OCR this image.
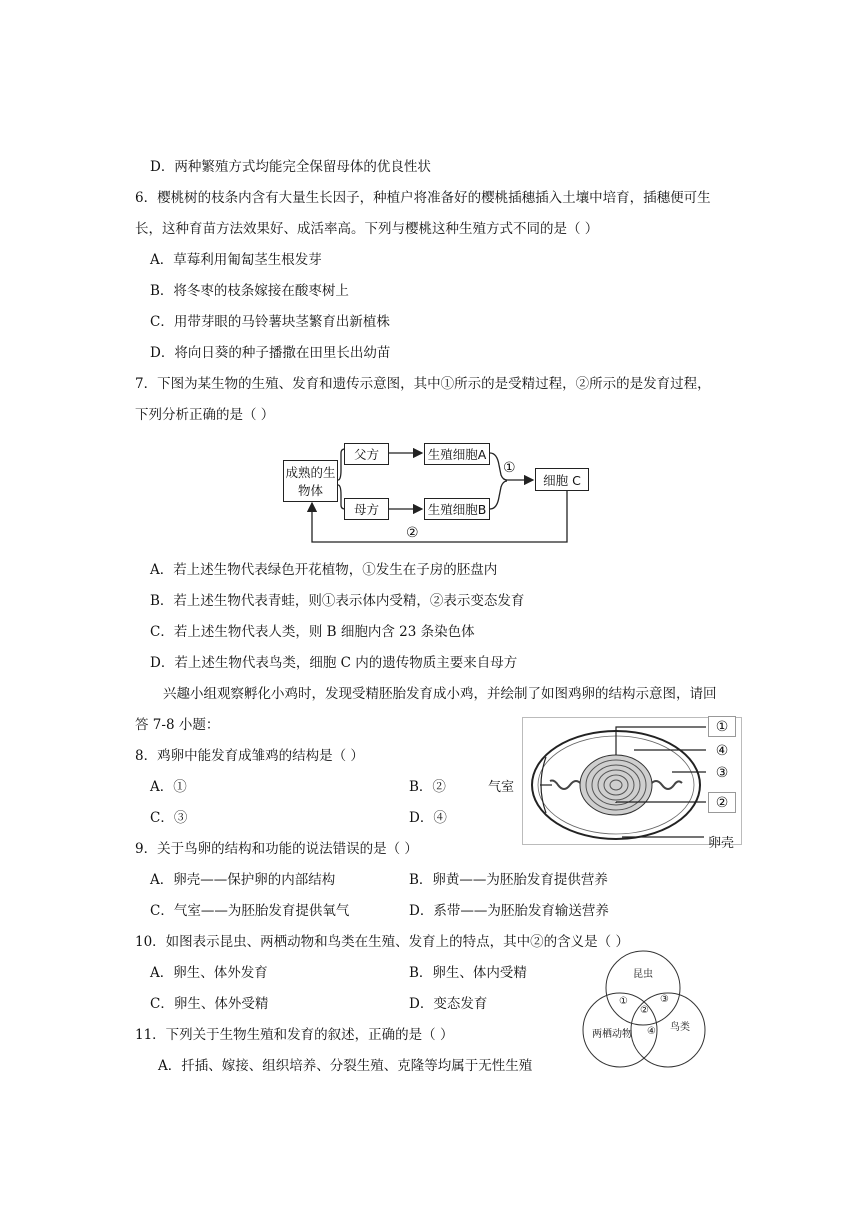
D．两种繁殖方式均能完全保留母体的优良性状
6．樱桃树的枝条内含有大量生长因子，种植户将准备好的樱桃插穗插入土壤中培育，插穗便可生
长，这种育苗方法效果好、成活率高。下列与樱桃这种生殖方式不同的是（ ）
A．草莓利用匍匐茎生根发芽
B．将冬枣的枝条嫁接在酸枣树上
C．用带芽眼的马铃薯块茎繁育出新植株
D．将向日葵的种子播撒在田里长出幼苗
7．下图为某生物的生殖、发育和遗传示意图，其中①所示的是受精过程，②所示的是发育过程，
下列分析正确的是（ ）
成熟的生物体
父方
母方
生殖细胞A
生殖细胞B
细胞 C
①
②
A．若上述生物代表绿色开花植物，①发生在子房的胚盘内
B．若上述生物代表青蛙，则①表示体内受精，②表示变态发育
C．若上述生物代表人类，则 B 细胞内含 23 条染色体
D．若上述生物代表鸟类，细胞 C 内的遗传物质主要来自母方
兴趣小组观察孵化小鸡时，发现受精胚胎发育成小鸡，并绘制了如图鸡卵的结构示意图，请回
答 7-8 小题：	①
④
③
②
气室
卵壳
8．鸡卵中能发育成雏鸡的结构是（ ）
A．①	B．②
C．③	D．④
9．关于鸟卵的结构和功能的说法错误的是（ ）
A．卵壳——保护卵的内部结构	B．卵黄——为胚胎发育提供营养
C．气室——为胚胎发育提供氧气	D．系带——为胚胎发育输送营养
10．如图表示昆虫、两栖动物和鸟类在生殖、发育上的特点，其中②的含义是（ ）
A．卵生、体外发育	B．卵生、体内受精
C．卵生、体外受精	D．变态发育
昆虫
两栖动物
鸟类
①
②
③
④
11．下列关于生物生殖和发育的叙述，正确的是（ ）
A．扦插、嫁接、组织培养、分裂生殖、克隆等均属于无性生殖
